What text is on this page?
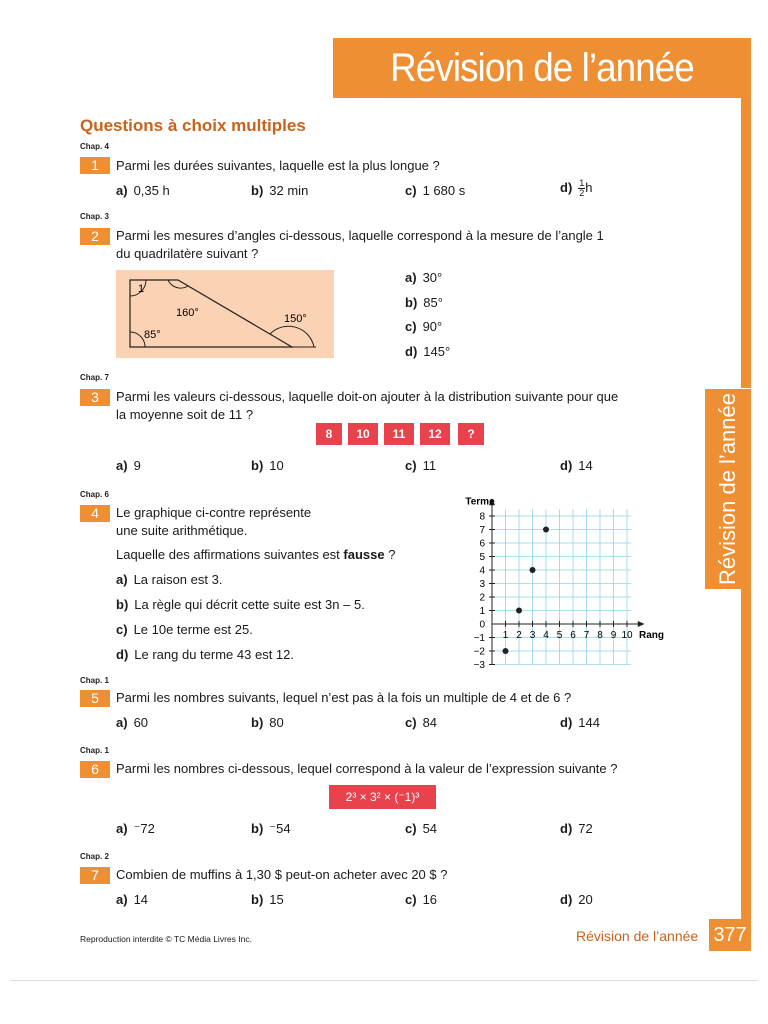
Révision de l’année
Révision de l’année
Questions à choix multiples
Chap. 4
1	Parmi les durées suivantes, laquelle est la plus longue ?
a) 0,35 h	b) 32 min	c) 1 680 s	$d) \frac{1}{2}$ h
Chap. 3
2	Parmi les mesures d’angles ci-dessous, laquelle correspond à la mesure de l’angle 1
du quadrilatère suivant ?
1
160°
85°
150°
a) 30°
b) 85°
c) 90°
d) 145°
Chap. 7
3	Parmi les valeurs ci-dessous, laquelle doit-on ajouter à la distribution suivante pour que
la moyenne soit de 11 ?
8	10	11	12	?
a) 9	b) 10	c) 11	d) 14
Chap. 6
4	Le graphique ci-contre représente
une suite arithmétique.
Laquelle des affirmations suivantes est fausse ?
a) La raison est 3.
b) La règle qui décrit cette suite est 3n – 5.
c) Le 10e terme est 25.
d) Le rang du terme 43 est 12.
1 2 3 4 5 6 7 8 9 10
8
7
6
5
4
3
2
1
0
−1
−2
−3
Terme
Rang
Chap. 1
5	Parmi les nombres suivants, lequel n’est pas à la fois un multiple de 4 et de 6 ?
a) 60	b) 80	c) 84	d) 144
Chap. 1
6	Parmi les nombres ci-dessous, lequel correspond à la valeur de l’expression suivante ?
2³ × 3² × (⁻1)³
a) ⁻72	b) ⁻54	c) 54	d) 72
Chap. 2
7	Combien de muffins à 1,30 $ peut-on acheter avec 20 $ ?
a) 14	b) 15	c) 16	d) 20
Reproduction interdite © TC Média Livres Inc.	Révision de l’année 377
